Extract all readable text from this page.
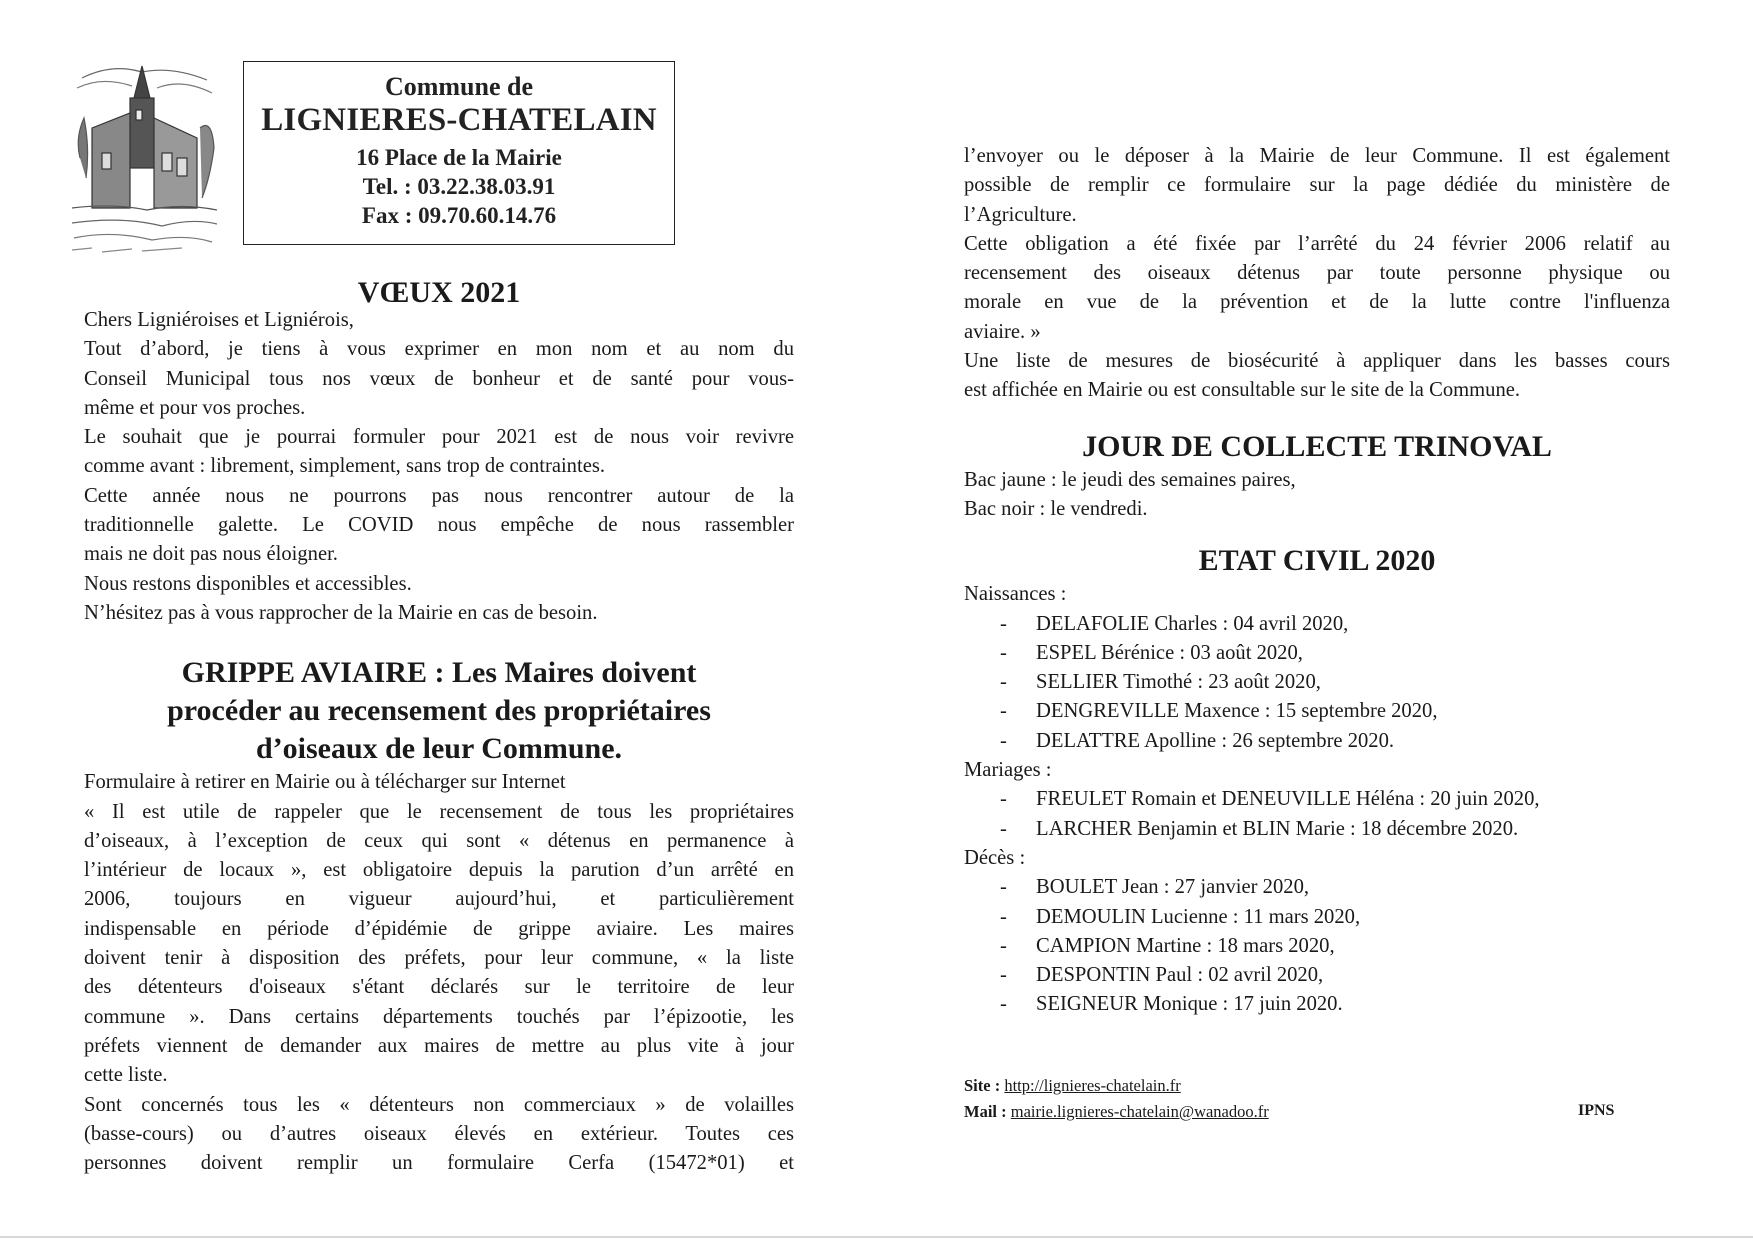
Commune de
LIGNIERES-CHATELAIN
16 Place de la Mairie
Tel. : 03.22.38.03.91
Fax : 09.70.60.14.76
VŒUX 2021
Chers Ligniéroises et Ligniérois,
Tout d’abord, je tiens à vous exprimer en mon nom et au nom du
Conseil Municipal tous nos vœux de bonheur et de santé pour vous-
même et pour vos proches.
Le souhait que je pourrai formuler pour 2021 est de nous voir revivre
comme avant : librement, simplement, sans trop de contraintes.
Cette année nous ne pourrons pas nous rencontrer autour de la
traditionnelle galette. Le COVID nous empêche de nous rassembler
mais ne doit pas nous éloigner.
Nous restons disponibles et accessibles.
N’hésitez pas à vous rapprocher de la Mairie en cas de besoin.
GRIPPE AVIAIRE : Les Maires doivent
procéder au recensement des propriétaires
d’oiseaux de leur Commune.
Formulaire à retirer en Mairie ou à télécharger sur Internet
« Il est utile de rappeler que le recensement de tous les propriétaires
d’oiseaux, à l’exception de ceux qui sont « détenus en permanence à
l’intérieur de locaux », est obligatoire depuis la parution d’un arrêté en
2006, toujours en vigueur aujourd’hui, et particulièrement
indispensable en période d’épidémie de grippe aviaire. Les maires
doivent tenir à disposition des préfets, pour leur commune, « la liste
des détenteurs d'oiseaux s'étant déclarés sur le territoire de leur
commune ». Dans certains départements touchés par l’épizootie, les
préfets viennent de demander aux maires de mettre au plus vite à jour
cette liste.
Sont concernés tous les « détenteurs non commerciaux » de volailles
(basse-cours) ou d’autres oiseaux élevés en extérieur. Toutes ces
personnes doivent remplir un formulaire Cerfa (15472*01) et
l’envoyer ou le déposer à la Mairie de leur Commune. Il est également
possible de remplir ce formulaire sur la page dédiée du ministère de
l’Agriculture.
Cette obligation a été fixée par l’arrêté du 24 février 2006 relatif au
recensement des oiseaux détenus par toute personne physique ou
morale en vue de la prévention et de la lutte contre l'influenza
aviaire. »
Une liste de mesures de biosécurité à appliquer dans les basses cours
est affichée en Mairie ou est consultable sur le site de la Commune.
JOUR DE COLLECTE TRINOVAL
Bac jaune : le jeudi des semaines paires,
Bac noir : le vendredi.
ETAT CIVIL 2020
Naissances :
- DELAFOLIE Charles : 04 avril 2020,
- ESPEL Bérénice : 03 août 2020,
- SELLIER Timothé : 23 août 2020,
- DENGREVILLE Maxence : 15 septembre 2020,
- DELATTRE Apolline : 26 septembre 2020.
Mariages :
- FREULET Romain et DENEUVILLE Héléna : 20 juin 2020,
- LARCHER Benjamin et BLIN Marie : 18 décembre 2020.
Décès :
- BOULET Jean : 27 janvier 2020,
- DEMOULIN Lucienne : 11 mars 2020,
- CAMPION Martine : 18 mars 2020,
- DESPONTIN Paul : 02 avril 2020,
- SEIGNEUR Monique : 17 juin 2020.
Site : http://lignieres-chatelain.fr
Mail : mairie.lignieres-chatelain@wanadoo.fr	IPNS
